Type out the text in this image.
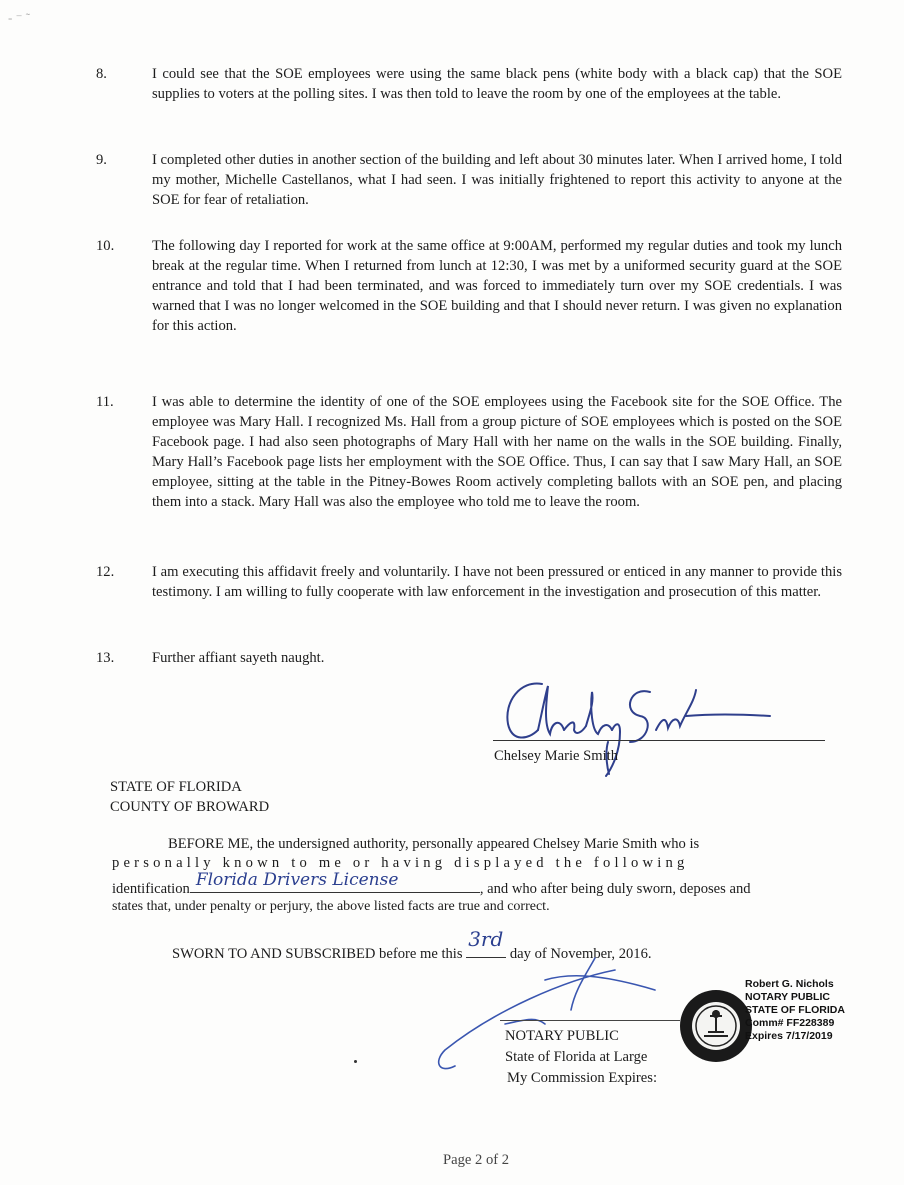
- ⁻ ˜
8.	I could see that the SOE employees were using the same black pens (white body with a black cap) that the SOE supplies to voters at the polling sites. I was then told to leave the room by one of the employees at the table.
9.	I completed other duties in another section of the building and left about 30 minutes later. When I arrived home, I told my mother, Michelle Castellanos, what I had seen. I was initially frightened to report this activity to anyone at the SOE for fear of retaliation.
10.	The following day I reported for work at the same office at 9:00AM, performed my regular duties and took my lunch break at the regular time. When I returned from lunch at 12:30, I was met by a uniformed security guard at the SOE entrance and told that I had been terminated, and was forced to immediately turn over my SOE credentials. I was warned that I was no longer welcomed in the SOE building and that I should never return. I was given no explanation for this action.
11.	I was able to determine the identity of one of the SOE employees using the Facebook site for the SOE Office. The employee was Mary Hall. I recognized Ms. Hall from a group picture of SOE employees which is posted on the SOE Facebook page. I had also seen photographs of Mary Hall with her name on the walls in the SOE building. Finally, Mary Hall’s Facebook page lists her employment with the SOE Office. Thus, I can say that I saw Mary Hall, an SOE employee, sitting at the table in the Pitney-Bowes Room actively completing ballots with an SOE pen, and placing them into a stack. Mary Hall was also the employee who told me to leave the room.
12.	I am executing this affidavit freely and voluntarily. I have not been pressured or enticed in any manner to provide this testimony. I am willing to fully cooperate with law enforcement in the investigation and prosecution of this matter.
13.	Further affiant sayeth naught.
Chelsey Marie Smith
STATE OF FLORIDA
COUNTY OF BROWARD
BEFORE ME, the undersigned authority, personally appeared Chelsey Marie Smith who is
personally known to me or having displayed the following
identification Florida Drivers License	, and who after being duly sworn, deposes and
states that, under penalty or perjury, the above listed facts are true and correct.
SWORN TO AND SUBSCRIBED before me this
3rd
day of November, 2016.
NOTARY PUBLIC
State of Florida at Large
My Commission Expires:
Robert G. Nichols
NOTARY PUBLIC
STATE OF FLORIDA
Comm# FF228389
Expires 7/17/2019
Page 2 of 2
